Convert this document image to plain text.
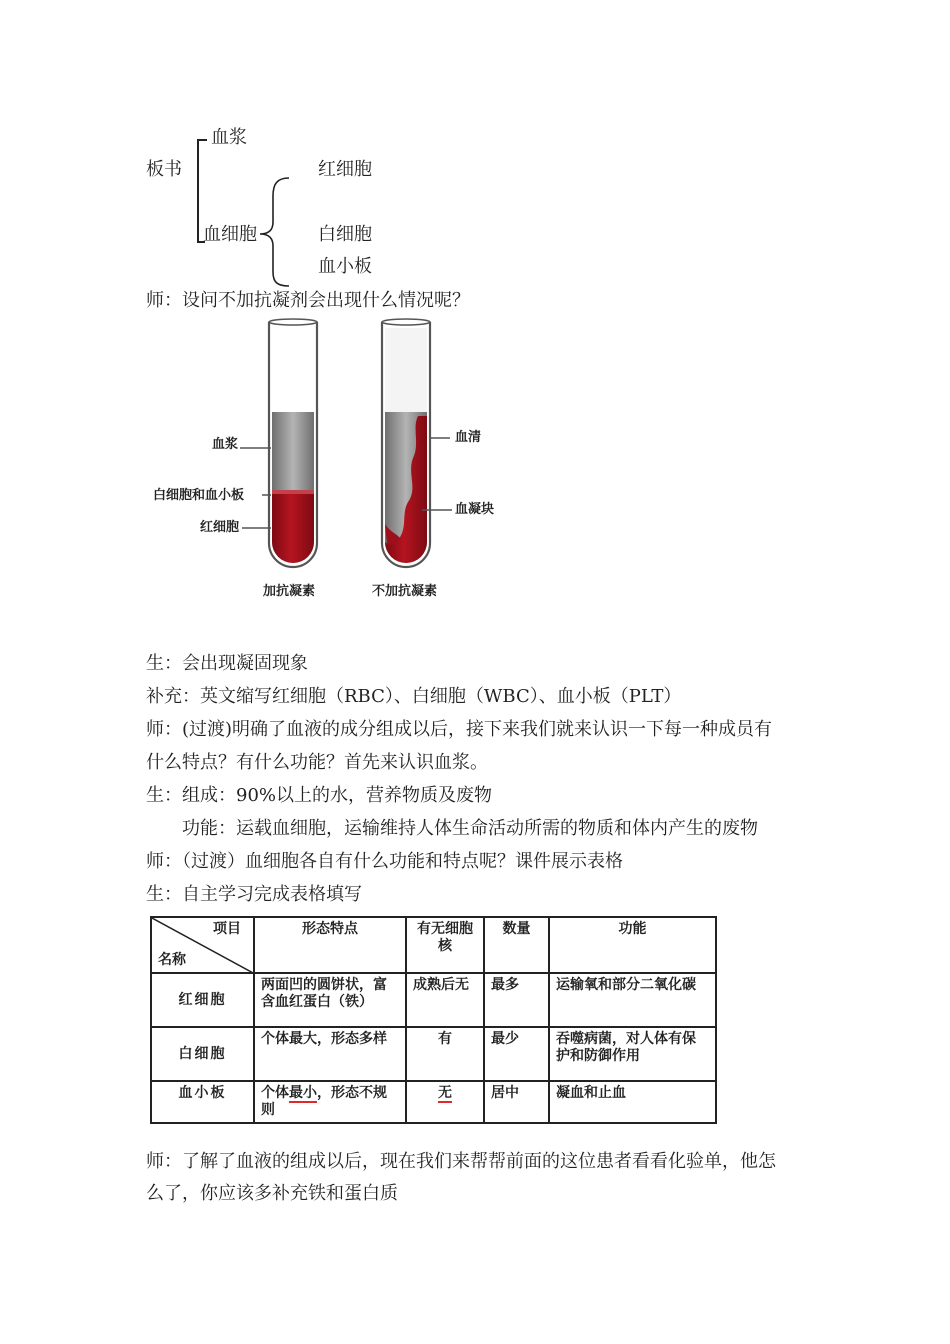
板书
血浆
血细胞
红细胞
白细胞
血小板
师：设问不加抗凝剂会出现什么情况呢？
血浆
白细胞和血小板
红细胞
血清
血凝块
加抗凝素	不加抗凝素
生：会出现凝固现象
补充：英文缩写红细胞（RBC）、白细胞（WBC）、血小板（PLT）
师：(过渡)明确了血液的成分组成以后，接下来我们就来认识一下每一种成员有
什么特点？有什么功能？首先来认识血浆。
生：组成：90%以上的水，营养物质及废物
功能：运载血细胞，运输维持人体生命活动所需的物质和体内产生的废物
师：（过渡）血细胞各自有什么功能和特点呢？课件展示表格
生：自主学习完成表格填写
项目
名称	形态特点	有无细胞核	数量	功能
红细胞	两面凹的圆饼状，富含血红蛋白（铁）	成熟后无	最多	运输氧和部分二氧化碳
白细胞	个体最大，形态多样	有	最少	吞噬病菌，对人体有保护和防御作用
血小板	个体最小，形态不规则	无	居中	凝血和止血
师：了解了血液的组成以后，现在我们来帮帮前面的这位患者看看化验单，他怎
么了，你应该多补充铁和蛋白质
